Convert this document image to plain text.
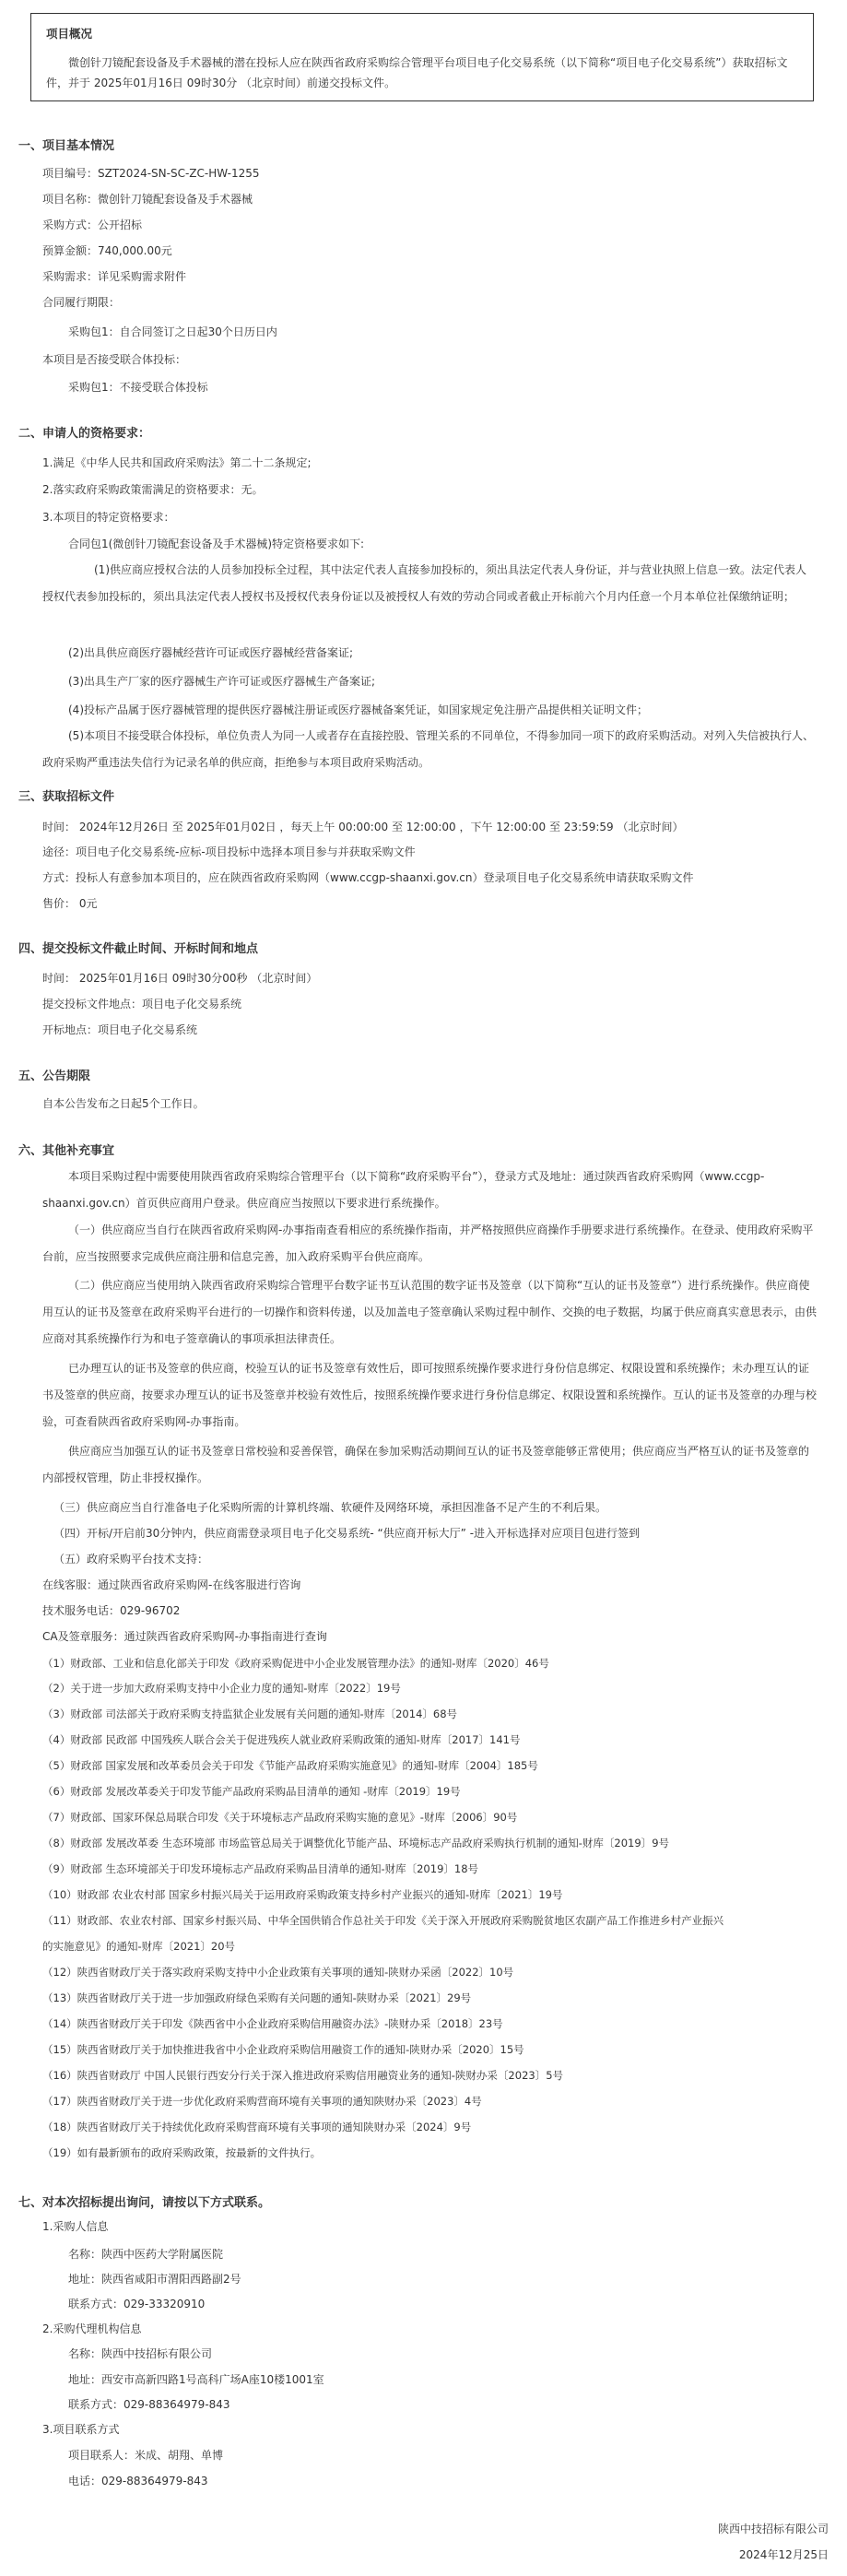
项目概况
微创针刀镜配套设备及手术器械的潜在投标人应在陕西省政府采购综合管理平台项目电子化交易系统（以下简称“项目电子化交易系统”）获取招标文件，并于 2025年01月16日 09时30分 （北京时间）前递交投标文件。
一、项目基本情况
项目编号：SZT2024-SN-SC-ZC-HW-1255
项目名称：微创针刀镜配套设备及手术器械
采购方式：公开招标
预算金额：740,000.00元
采购需求：详见采购需求附件
合同履行期限：
采购包1：自合同签订之日起30个日历日内
本项目是否接受联合体投标：
采购包1：不接受联合体投标
二、申请人的资格要求：
1.满足《中华人民共和国政府采购法》第二十二条规定;
2.落实政府采购政策需满足的资格要求：无。
3.本项目的特定资格要求：
合同包1(微创针刀镜配套设备及手术器械)特定资格要求如下:
(1)供应商应授权合法的人员参加投标全过程，其中法定代表人直接参加投标的，须出具法定代表人身份证，并与营业执照上信息一致。法定代表人授权代表参加投标的，须出具法定代表人授权书及授权代表身份证以及被授权人有效的劳动合同或者截止开标前六个月内任意一个月本单位社保缴纳证明；
(2)出具供应商医疗器械经营许可证或医疗器械经营备案证;
(3)出具生产厂家的医疗器械生产许可证或医疗器械生产备案证;
(4)投标产品属于医疗器械管理的提供医疗器械注册证或医疗器械备案凭证，如国家规定免注册产品提供相关证明文件；
(5)本项目不接受联合体投标，单位负责人为同一人或者存在直接控股、管理关系的不同单位，不得参加同一项下的政府采购活动。对列入失信被执行人、政府采购严重违法失信行为记录名单的供应商，拒绝参与本项目政府采购活动。
三、获取招标文件
时间： 2024年12月26日 至 2025年01月02日 ，每天上午 00:00:00 至 12:00:00 ，下午 12:00:00 至 23:59:59 （北京时间）
途径：项目电子化交易系统-应标-项目投标中选择本项目参与并获取采购文件
方式：投标人有意参加本项目的，应在陕西省政府采购网（www.ccgp-shaanxi.gov.cn）登录项目电子化交易系统申请获取采购文件
售价： 0元
四、提交投标文件截止时间、开标时间和地点
时间： 2025年01月16日 09时30分00秒 （北京时间）
提交投标文件地点：项目电子化交易系统
开标地点：项目电子化交易系统
五、公告期限
自本公告发布之日起5个工作日。
六、其他补充事宜
本项目采购过程中需要使用陕西省政府采购综合管理平台（以下简称“政府采购平台”），登录方式及地址：通过陕西省政府采购网（www.ccgp-shaanxi.gov.cn）首页供应商用户登录。供应商应当按照以下要求进行系统操作。
（一）供应商应当自行在陕西省政府采购网-办事指南查看相应的系统操作指南，并严格按照供应商操作手册要求进行系统操作。在登录、使用政府采购平台前，应当按照要求完成供应商注册和信息完善，加入政府采购平台供应商库。
（二）供应商应当使用纳入陕西省政府采购综合管理平台数字证书互认范围的数字证书及签章（以下简称“互认的证书及签章”）进行系统操作。供应商使用互认的证书及签章在政府采购平台进行的一切操作和资料传递，以及加盖电子签章确认采购过程中制作、交换的电子数据，均属于供应商真实意思表示，由供应商对其系统操作行为和电子签章确认的事项承担法律责任。
已办理互认的证书及签章的供应商，校验互认的证书及签章有效性后，即可按照系统操作要求进行身份信息绑定、权限设置和系统操作；未办理互认的证书及签章的供应商，按要求办理互认的证书及签章并校验有效性后，按照系统操作要求进行身份信息绑定、权限设置和系统操作。互认的证书及签章的办理与校验，可查看陕西省政府采购网-办事指南。
供应商应当加强互认的证书及签章日常校验和妥善保管，确保在参加采购活动期间互认的证书及签章能够正常使用；供应商应当严格互认的证书及签章的内部授权管理，防止非授权操作。
（三）供应商应当自行准备电子化采购所需的计算机终端、软硬件及网络环境，承担因准备不足产生的不利后果。
（四）开标/开启前30分钟内，供应商需登录项目电子化交易系统- “供应商开标大厅” -进入开标选择对应项目包进行签到
（五）政府采购平台技术支持：
在线客服：通过陕西省政府采购网-在线客服进行咨询
技术服务电话：029-96702
CA及签章服务：通过陕西省政府采购网-办事指南进行查询
（1）财政部、工业和信息化部关于印发《政府采购促进中小企业发展管理办法》的通知-财库〔2020〕46号
（2）关于进一步加大政府采购支持中小企业力度的通知-财库〔2022〕19号
（3）财政部 司法部关于政府采购支持监狱企业发展有关问题的通知-财库〔2014〕68号
（4）财政部 民政部 中国残疾人联合会关于促进残疾人就业政府采购政策的通知-财库〔2017〕141号
（5）财政部 国家发展和改革委员会关于印发《节能产品政府采购实施意见》的通知-财库〔2004〕185号
（6）财政部 发展改革委关于印发节能产品政府采购品目清单的通知 -财库〔2019〕19号
（7）财政部、国家环保总局联合印发《关于环境标志产品政府采购实施的意见》-财库〔2006〕90号
（8）财政部 发展改革委 生态环境部 市场监管总局关于调整优化节能产品、环境标志产品政府采购执行机制的通知-财库〔2019〕9号
（9）财政部 生态环境部关于印发环境标志产品政府采购品目清单的通知-财库〔2019〕18号
（10）财政部 农业农村部 国家乡村振兴局关于运用政府采购政策支持乡村产业振兴的通知-财库〔2021〕19号
（11）财政部、农业农村部、国家乡村振兴局、中华全国供销合作总社关于印发《关于深入开展政府采购脱贫地区农副产品工作推进乡村产业振兴
的实施意见》的通知-财库〔2021〕20号
（12）陕西省财政厅关于落实政府采购支持中小企业政策有关事项的通知-陕财办采函〔2022〕10号
（13）陕西省财政厅关于进一步加强政府绿色采购有关问题的通知-陕财办采〔2021〕29号
（14）陕西省财政厅关于印发《陕西省中小企业政府采购信用融资办法》-陕财办采〔2018〕23号
（15）陕西省财政厅关于加快推进我省中小企业政府采购信用融资工作的通知-陕财办采〔2020〕15号
（16）陕西省财政厅 中国人民银行西安分行关于深入推进政府采购信用融资业务的通知-陕财办采〔2023〕5号
（17）陕西省财政厅关于进一步优化政府采购营商环境有关事项的通知陕财办采〔2023〕4号
（18）陕西省财政厅关于持续优化政府采购营商环境有关事项的通知陕财办采〔2024〕9号
（19）如有最新颁布的政府采购政策，按最新的文件执行。
七、对本次招标提出询问，请按以下方式联系。
1.采购人信息
名称：陕西中医药大学附属医院
地址：陕西省咸阳市渭阳西路副2号
联系方式：029-33320910
2.采购代理机构信息
名称：陕西中技招标有限公司
地址：西安市高新四路1号高科广场A座10楼1001室
联系方式：029-88364979-843
3.项目联系方式
项目联系人：米成、胡翔、单博
电话：029-88364979-843
陕西中技招标有限公司
2024年12月25日
